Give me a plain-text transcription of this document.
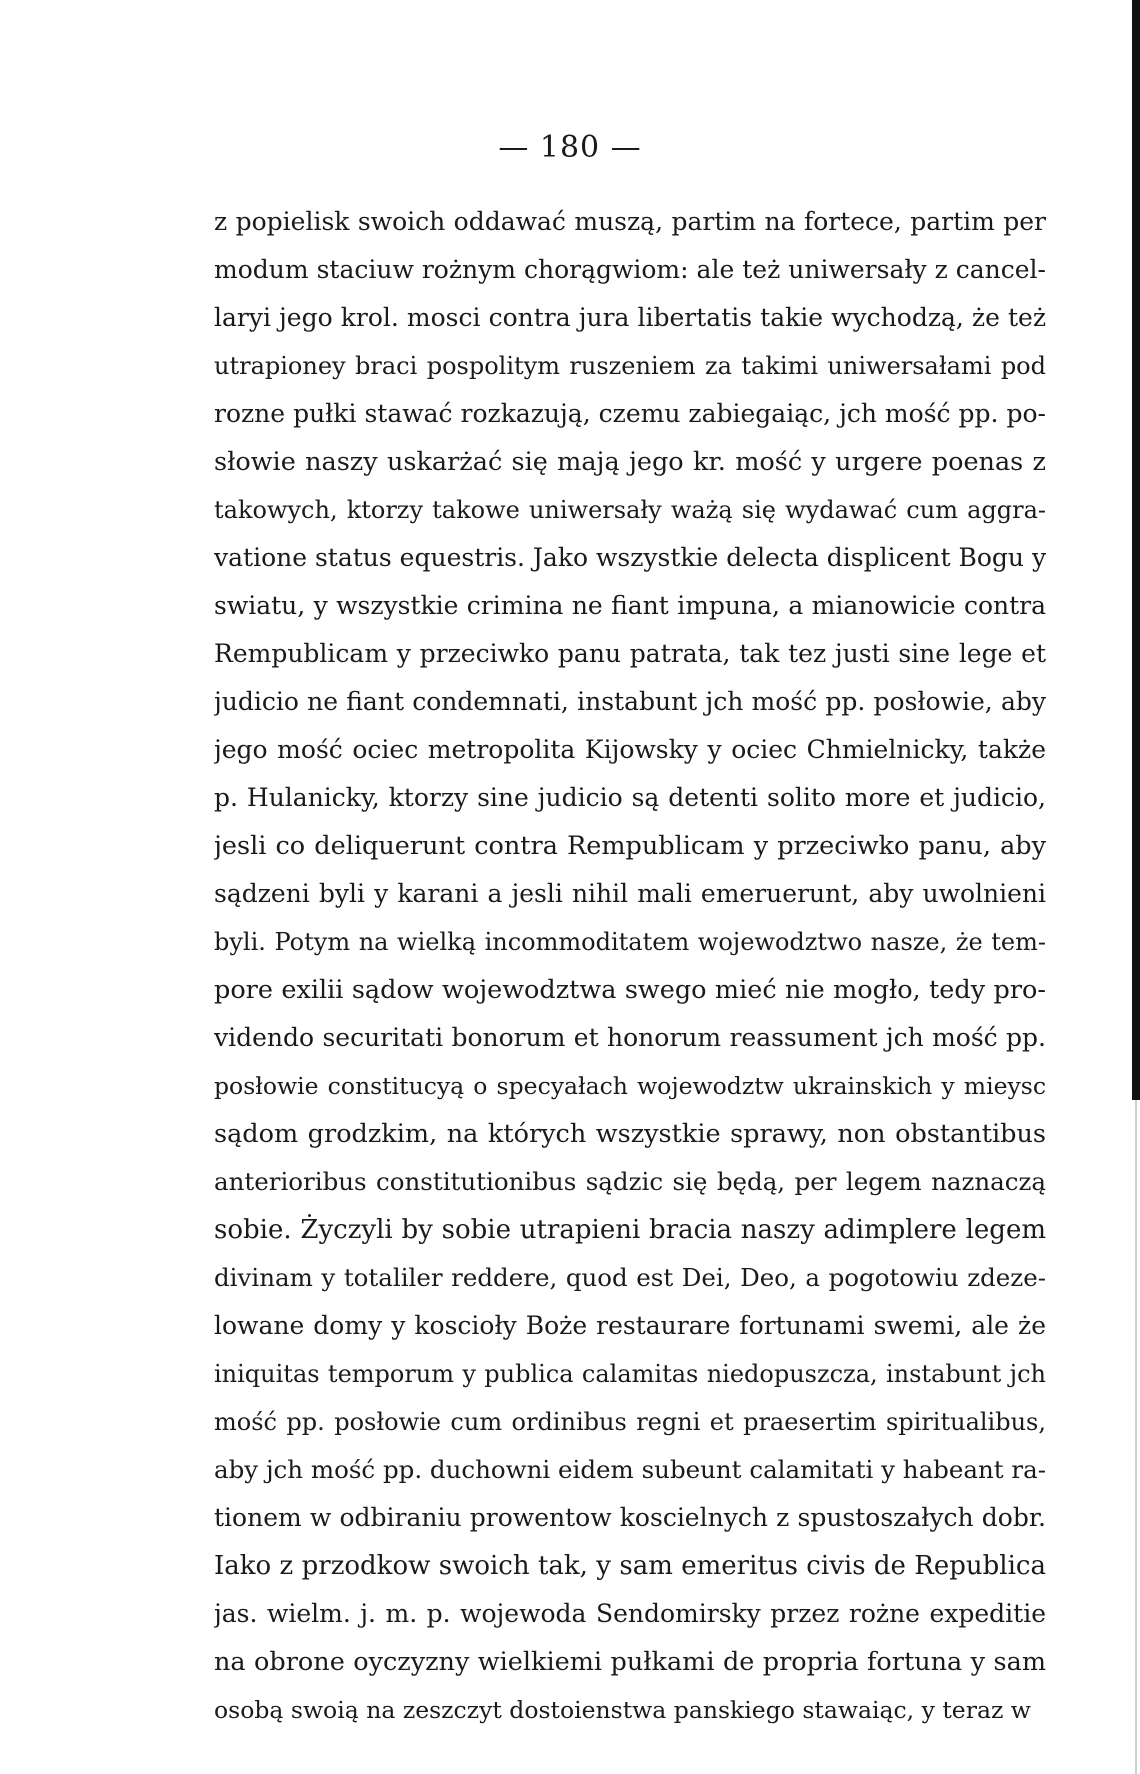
— 180 —
z popielisk swoich oddawać muszą, partim na fortece, partim per
modum staciuw rożnym chorągwiom: ale też uniwersały z cancel-
laryi jego krol. mosci contra jura libertatis takie wychodzą, że też
utrapioney braci pospolitym ruszeniem za takimi uniwersałami pod
rozne pułki stawać rozkazują, czemu zabiegaiąc, jch mość pp. po-
słowie naszy uskarżać się mają jego kr. mość y urgere poenas z
takowych, ktorzy takowe uniwersały ważą się wydawać cum aggra-
vatione status equestris. Jako wszystkie delecta displicent Bogu y
swiatu, y wszystkie crimina ne fiant impuna, a mianowicie contra
Rempublicam y przeciwko panu patrata, tak tez justi sine lege et
judicio ne fiant condemnati, instabunt jch mość pp. posłowie, aby
jego mość ociec metropolita Kijowsky y ociec Chmielnicky, także
p. Hulanicky, ktorzy sine judicio są detenti solito more et judicio,
jesli co deliquerunt contra Rempublicam y przeciwko panu, aby
sądzeni byli y karani a jesli nihil mali emeruerunt, aby uwolnieni
byli. Potym na wielką incommoditatem wojewodztwo nasze, że tem-
pore exilii sądow wojewodztwa swego mieć nie mogło, tedy pro-
videndo securitati bonorum et honorum reassument jch mość pp.
posłowie constitucyą o specyałach wojewodztw ukrainskich y mieysc
sądom grodzkim, na których wszystkie sprawy, non obstantibus
anterioribus constitutionibus sądzic się będą, per legem naznaczą
sobie. Życzyli by sobie utrapieni bracia naszy adimplere legem
divinam y totaliler reddere, quod est Dei, Deo, a pogotowiu zdeze-
lowane domy y koscioły Boże restaurare fortunami swemi, ale że
iniquitas temporum y publica calamitas niedopuszcza, instabunt jch
mość pp. posłowie cum ordinibus regni et praesertim spiritualibus,
aby jch mość pp. duchowni eidem subeunt calamitati y habeant ra-
tionem w odbiraniu prowentow koscielnych z spustoszałych dobr.
Iako z przodkow swoich tak, y sam emeritus civis de Republica
jas. wielm. j. m. p. wojewoda Sendomirsky przez rożne expeditie
na obrone oyczyzny wielkiemi pułkami de propria fortuna y sam
osobą swoią na zeszczyt dostoienstwa panskiego stawaiąc, y teraz w
